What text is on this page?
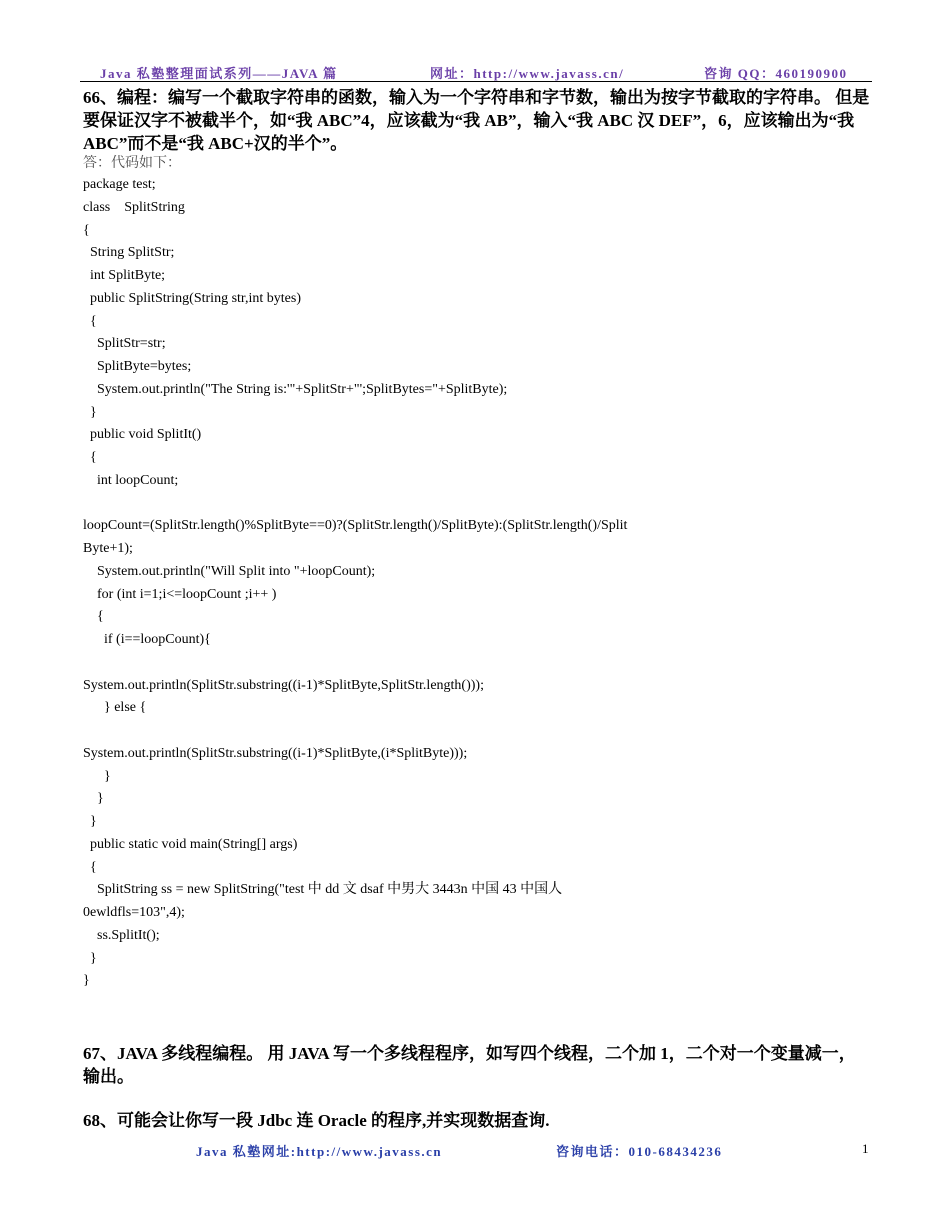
Java 私塾整理面试系列——JAVA 篇	网址：http://www.javass.cn/	咨询 QQ：460190900
66、编程：编写一个截取字符串的函数，输入为一个字符串和字节数，输出为按字节截取的字符串。 但是要保证汉字不被截半个，如“我 ABC”4，应该截为“我 AB”，输入“我 ABC 汉 DEF”，6，应该输出为“我 ABC”而不是“我 ABC+汉的半个”。
答：代码如下：
package test;
class    SplitString
{
String SplitStr;
int SplitByte;
public SplitString(String str,int bytes)
{
SplitStr=str;
SplitByte=bytes;
System.out.println("The String is:'"+SplitStr+"';SplitBytes="+SplitByte);
}
public void SplitIt()
{
int loopCount;
loopCount=(SplitStr.length()%SplitByte==0)?(SplitStr.length()/SplitByte):(SplitStr.length()/Split
Byte+1);
System.out.println("Will Split into "+loopCount);
for (int i=1;i<=loopCount ;i++ )
{
if (i==loopCount){
System.out.println(SplitStr.substring((i-1)*SplitByte,SplitStr.length()));
} else {
System.out.println(SplitStr.substring((i-1)*SplitByte,(i*SplitByte)));
}
}
}
public static void main(String[] args)
{
SplitString ss = new SplitString("test 中 dd 文 dsaf 中男大 3443n 中国 43 中国人
0ewldfls=103",4);
ss.SplitIt();
}
}
67、JAVA 多线程编程。 用 JAVA 写一个多线程程序，如写四个线程，二个加 1，二个对一个变量减一，输出。
68、可能会让你写一段 Jdbc 连 Oracle 的程序,并实现数据查询.
Java 私塾网址:http://www.javass.cn	咨询电话：010-68434236	1
